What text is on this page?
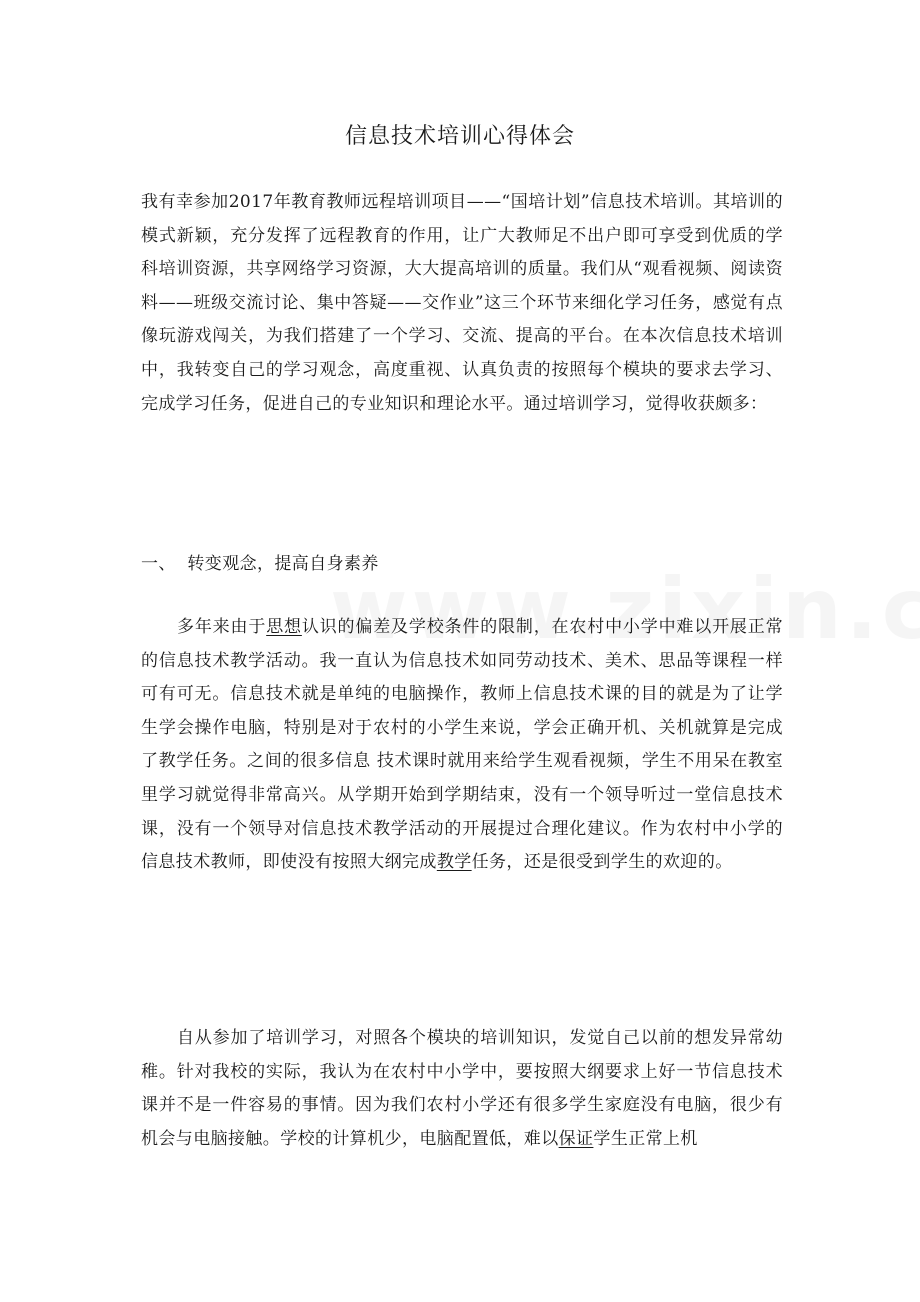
信息技术培训心得体会
我有幸参加2017年教育教师远程培训项目——“国培计划”信息技术培训。其培训的模式新颖，充分发挥了远程教育的作用，让广大教师足不出户即可享受到优质的学科培训资源，共享网络学习资源，大大提高培训的质量。我们从“观看视频、阅读资料——班级交流讨论、集中答疑——交作业”这三个环节来细化学习任务，感觉有点像玩游戏闯关，为我们搭建了一个学习、交流、提高的平台。在本次信息技术培训中，我转变自己的学习观念，高度重视、认真负责的按照每个模块的要求去学习、完成学习任务，促进自己的专业知识和理论水平。通过培训学习，觉得收获颇多：
一、  转变观念，提高自身素养
多年来由于思想认识的偏差及学校条件的限制，在农村中小学中难以开展正常的信息技术教学活动。我一直认为信息技术如同劳动技术、美术、思品等课程一样可有可无。信息技术就是单纯的电脑操作，教师上信息技术课的目的就是为了让学生学会操作电脑，特别是对于农村的小学生来说，学会正确开机、关机就算是完成了教学任务。之间的很多信息 技术课时就用来给学生观看视频，学生不用呆在教室里学习就觉得非常高兴。从学期开始到学期结束，没有一个领导听过一堂信息技术课，没有一个领导对信息技术教学活动的开展提过合理化建议。作为农村中小学的信息技术教师，即使没有按照大纲完成教学任务，还是很受到学生的欢迎的。
自从参加了培训学习，对照各个模块的培训知识，发觉自己以前的想发异常幼稚。针对我校的实际，我认为在农村中小学中，要按照大纲要求上好一节信息技术课并不是一件容易的事情。因为我们农村小学还有很多学生家庭没有电脑，很少有机会与电脑接触。学校的计算机少，电脑配置低，难以保证学生正常上机
